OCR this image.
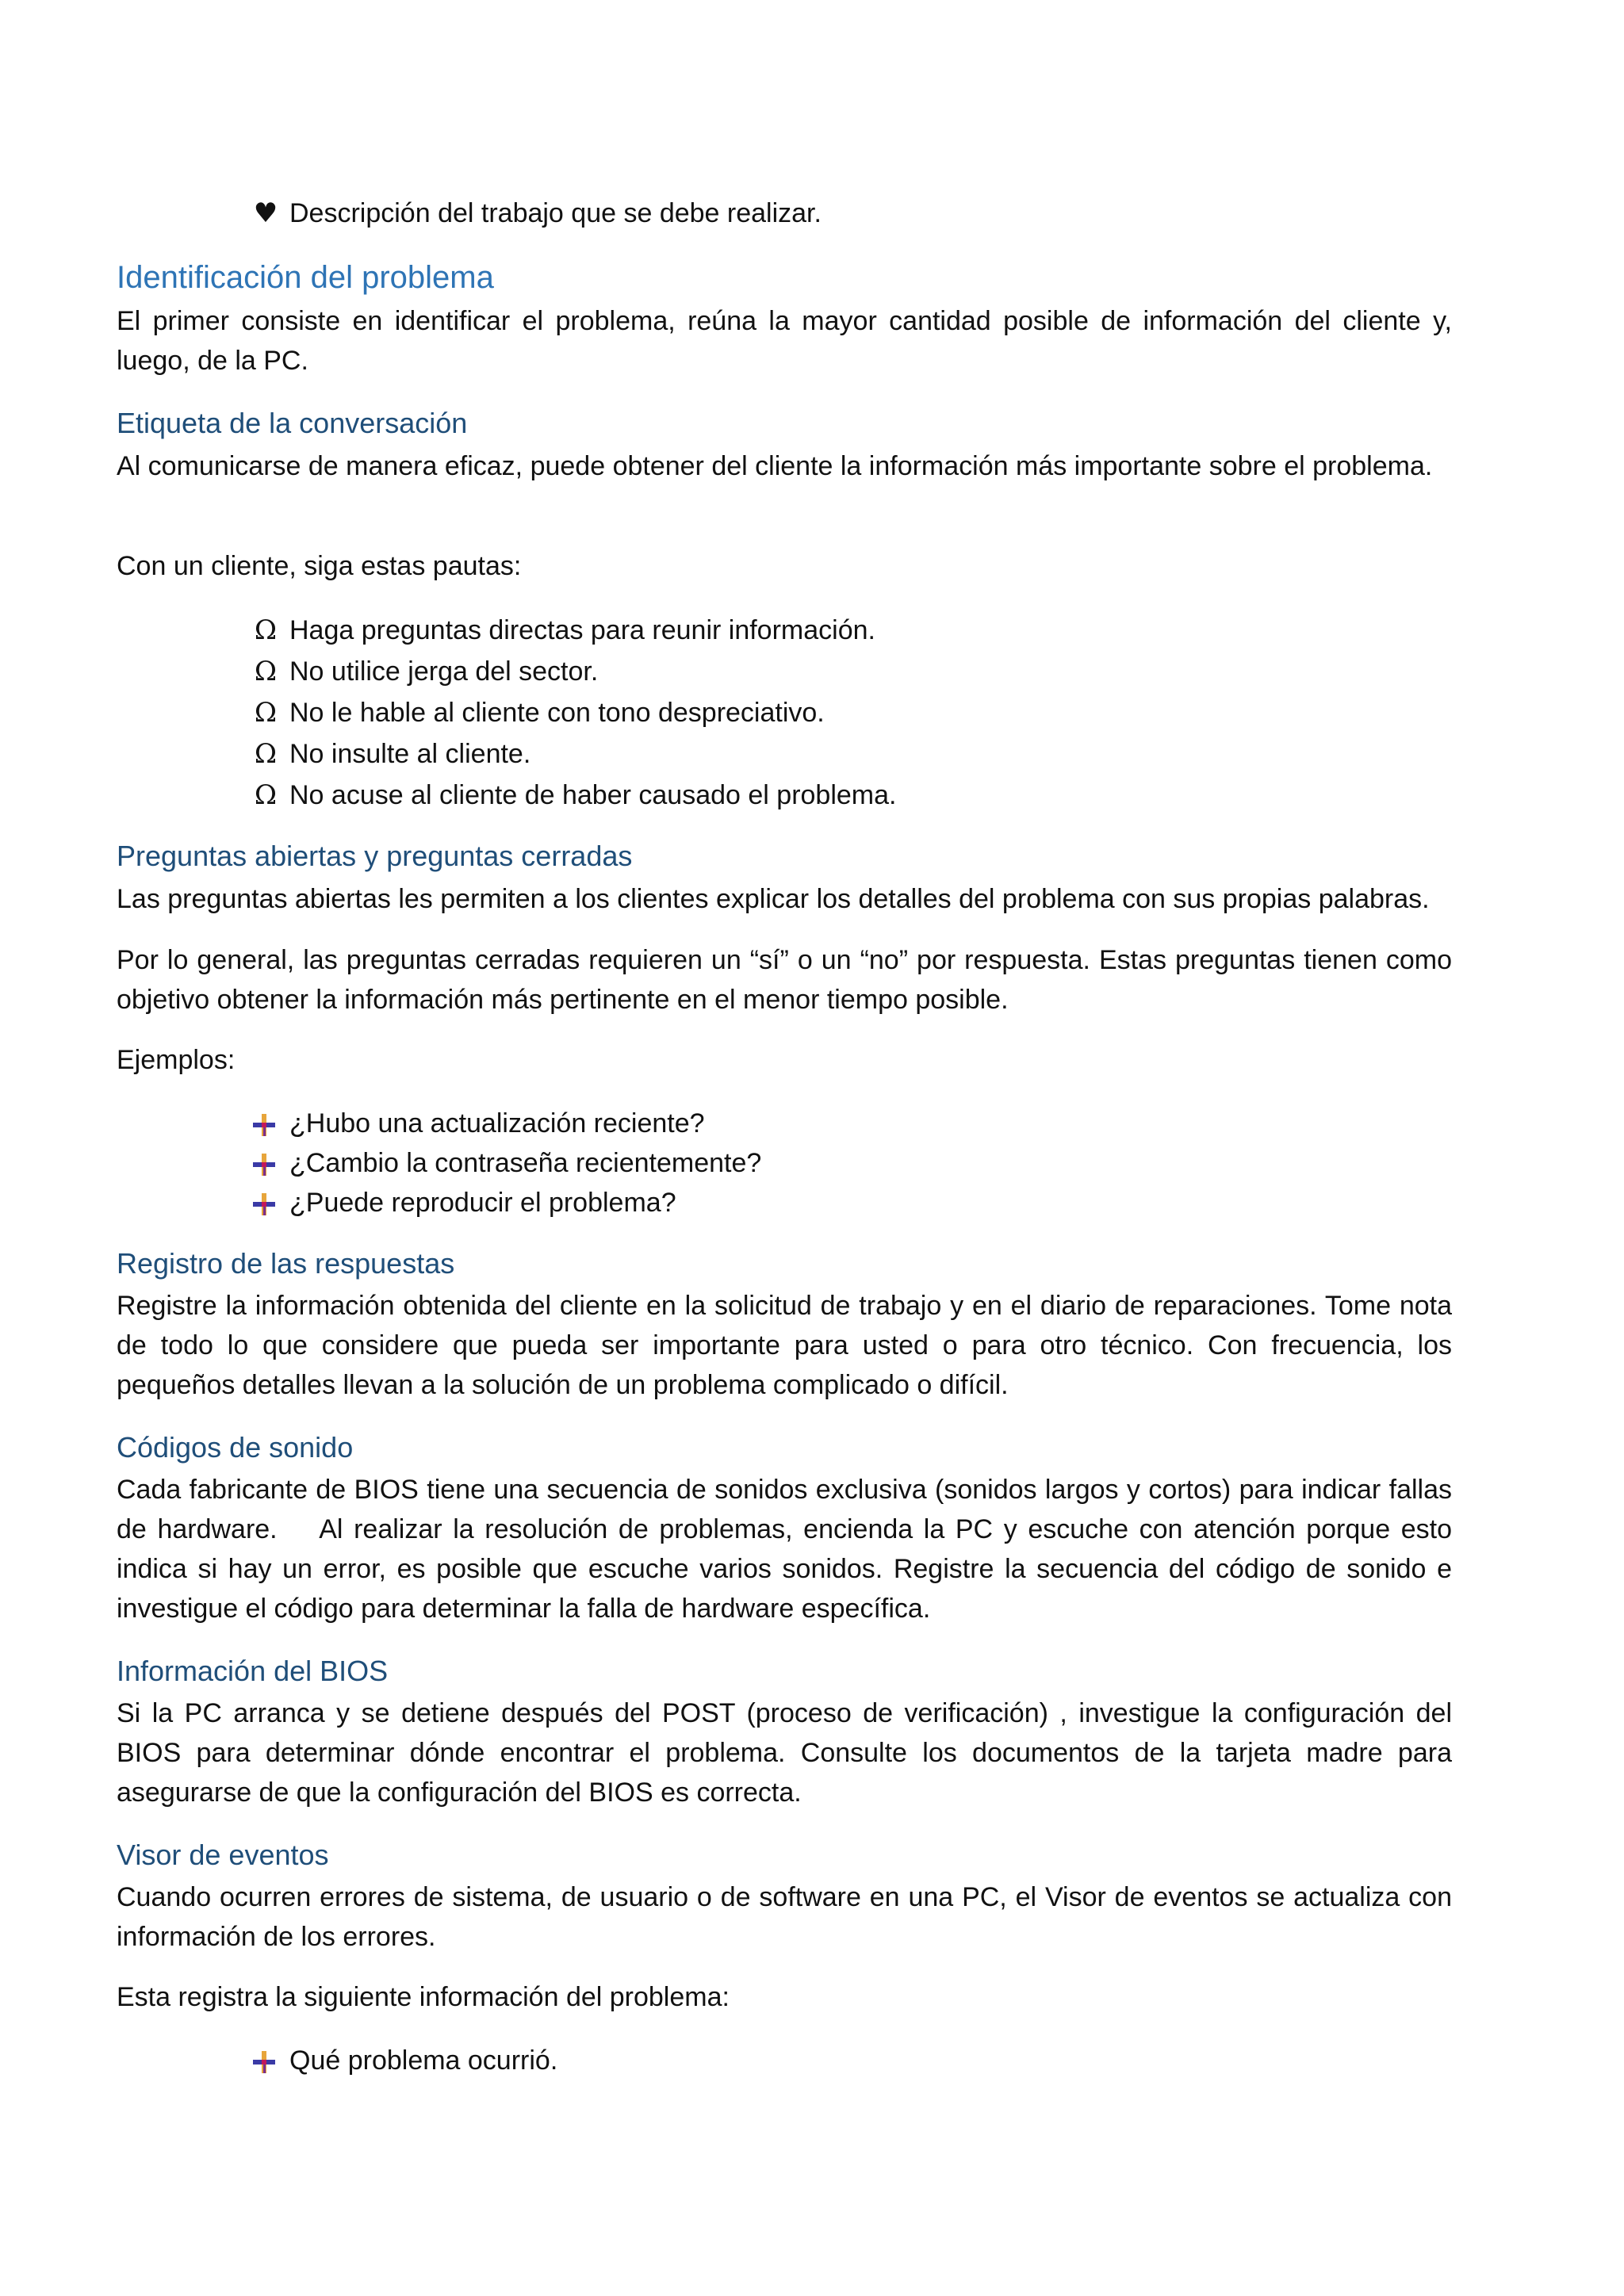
♥ Descripción del trabajo que se debe realizar.
Identificación del problema

El primer consiste en identificar el problema, reúna la mayor cantidad posible de información del cliente y, luego, de la PC.

Etiqueta de la conversación

Al comunicarse de manera eficaz, puede obtener del cliente la información más importante sobre el problema.

Con un cliente, siga estas pautas:

Ω Haga preguntas directas para reunir información.
Ω No utilice jerga del sector.
Ω No le hable al cliente con tono despreciativo.
Ω No insulte al cliente.
Ω No acuse al cliente de haber causado el problema.
Preguntas abiertas y preguntas cerradas

Las preguntas abiertas les permiten a los clientes explicar los detalles del problema con sus propias palabras.

Por lo general, las preguntas cerradas requieren un “sí” o un “no” por respuesta. Estas preguntas tienen como objetivo obtener la información más pertinente en el menor tiempo posible.

Ejemplos:

¿Hubo una actualización reciente?
¿Cambio la contraseña recientemente?
¿Puede reproducir el problema?
Registro de las respuestas

Registre la información obtenida del cliente en la solicitud de trabajo y en el diario de reparaciones. Tome nota de todo lo que considere que pueda ser importante para usted o para otro técnico. Con frecuencia, los pequeños detalles llevan a la solución de un problema complicado o difícil.

Códigos de sonido

Cada fabricante de BIOS tiene una secuencia de sonidos exclusiva (sonidos largos y cortos) para indicar fallas de hardware.    Al realizar la resolución de problemas, encienda la PC y escuche con atención porque esto indica si hay un error, es posible que escuche varios sonidos. Registre la secuencia del código de sonido e investigue el código para determinar la falla de hardware específica.

Información del BIOS

Si la PC arranca y se detiene después del POST (proceso de verificación) , investigue la configuración del BIOS para determinar dónde encontrar el problema. Consulte los documentos de la tarjeta madre para asegurarse de que la configuración del BIOS es correcta.

Visor de eventos

Cuando ocurren errores de sistema, de usuario o de software en una PC, el Visor de eventos se actualiza con información de los errores.

Esta registra la siguiente información del problema:

Qué problema ocurrió.
